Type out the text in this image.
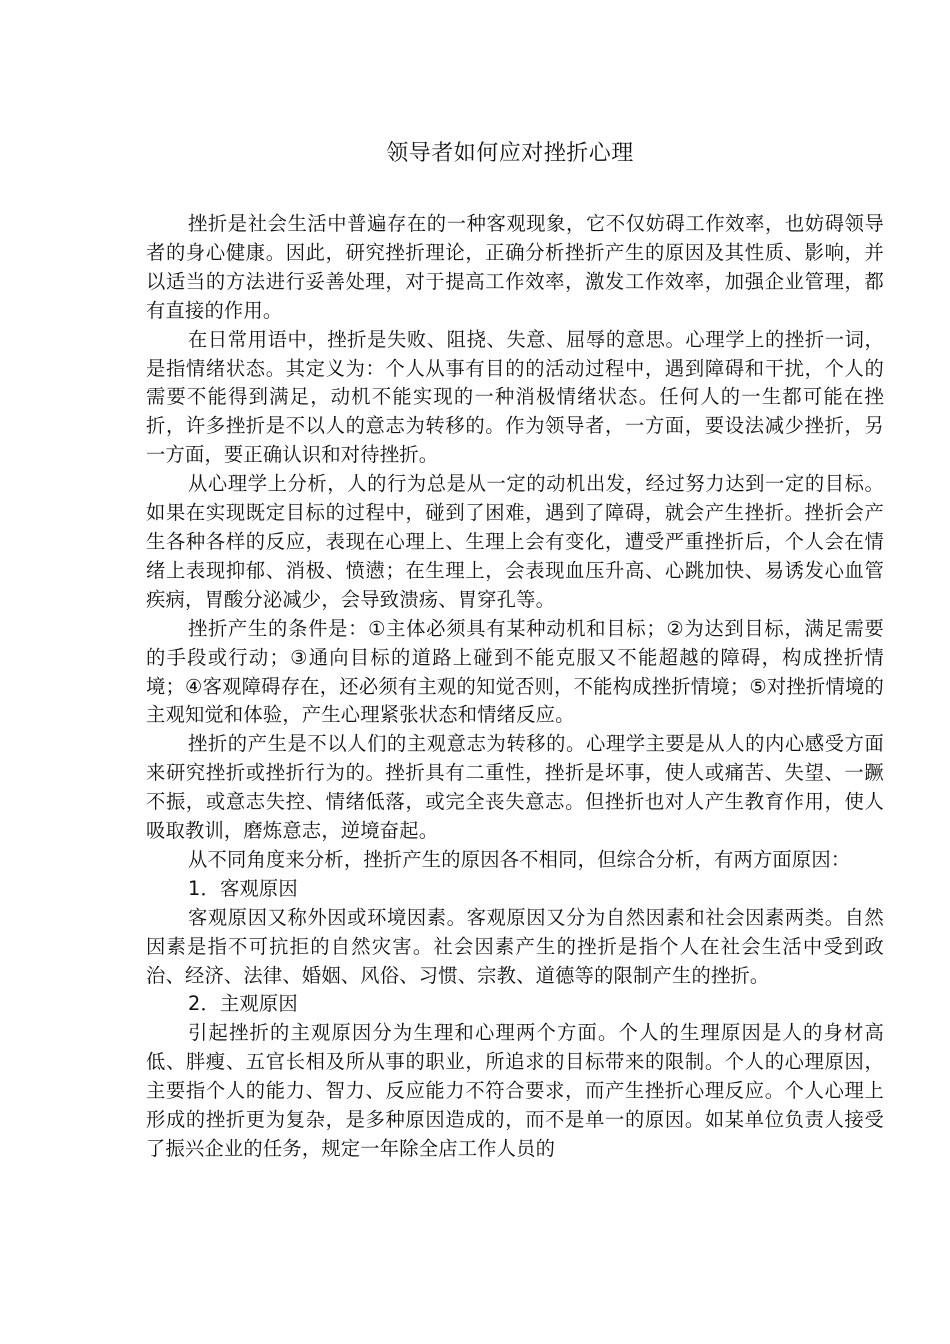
领导者如何应对挫折心理

挫折是社会生活中普遍存在的一种客观现象，它不仅妨碍工作效率，也妨碍领导者的身心健康。因此，研究挫折理论，正确分析挫折产生的原因及其性质、影响，并以适当的方法进行妥善处理，对于提高工作效率，激发工作效率，加强企业管理，都有直接的作用。

在日常用语中，挫折是失败、阻挠、失意、屈辱的意思。心理学上的挫折一词，是指情绪状态。其定义为：个人从事有目的的活动过程中，遇到障碍和干扰，个人的需要不能得到满足，动机不能实现的一种消极情绪状态。任何人的一生都可能在挫折，许多挫折是不以人的意志为转移的。作为领导者，一方面，要设法减少挫折，另一方面，要正确认识和对待挫折。

从心理学上分析，人的行为总是从一定的动机出发，经过努力达到一定的目标。如果在实现既定目标的过程中，碰到了困难，遇到了障碍，就会产生挫折。挫折会产生各种各样的反应，表现在心理上、生理上会有变化，遭受严重挫折后，个人会在情绪上表现抑郁、消极、愤懑；在生理上，会表现血压升高、心跳加快、易诱发心血管疾病，胃酸分泌减少，会导致溃疡、胃穿孔等。

挫折产生的条件是：①主体必须具有某种动机和目标；②为达到目标，满足需要的手段或行动；③通向目标的道路上碰到不能克服又不能超越的障碍，构成挫折情境；④客观障碍存在，还必须有主观的知觉否则，不能构成挫折情境；⑤对挫折情境的主观知觉和体验，产生心理紧张状态和情绪反应。

挫折的产生是不以人们的主观意志为转移的。心理学主要是从人的内心感受方面来研究挫折或挫折行为的。挫折具有二重性，挫折是坏事，使人或痛苦、失望、一蹶不振，或意志失控、情绪低落，或完全丧失意志。但挫折也对人产生教育作用，使人吸取教训，磨炼意志，逆境奋起。

从不同角度来分析，挫折产生的原因各不相同，但综合分析，有两方面原因：

1．客观原因

客观原因又称外因或环境因素。客观原因又分为自然因素和社会因素两类。自然因素是指不可抗拒的自然灾害。社会因素产生的挫折是指个人在社会生活中受到政治、经济、法律、婚姻、风俗、习惯、宗教、道德等的限制产生的挫折。

2．主观原因

引起挫折的主观原因分为生理和心理两个方面。个人的生理原因是人的身材高低、胖瘦、五官长相及所从事的职业，所追求的目标带来的限制。个人的心理原因，主要指个人的能力、智力、反应能力不符合要求，而产生挫折心理反应。个人心理上形成的挫折更为复杂，是多种原因造成的，而不是单一的原因。如某单位负责人接受了振兴企业的任务，规定一年除全店工作人员的
